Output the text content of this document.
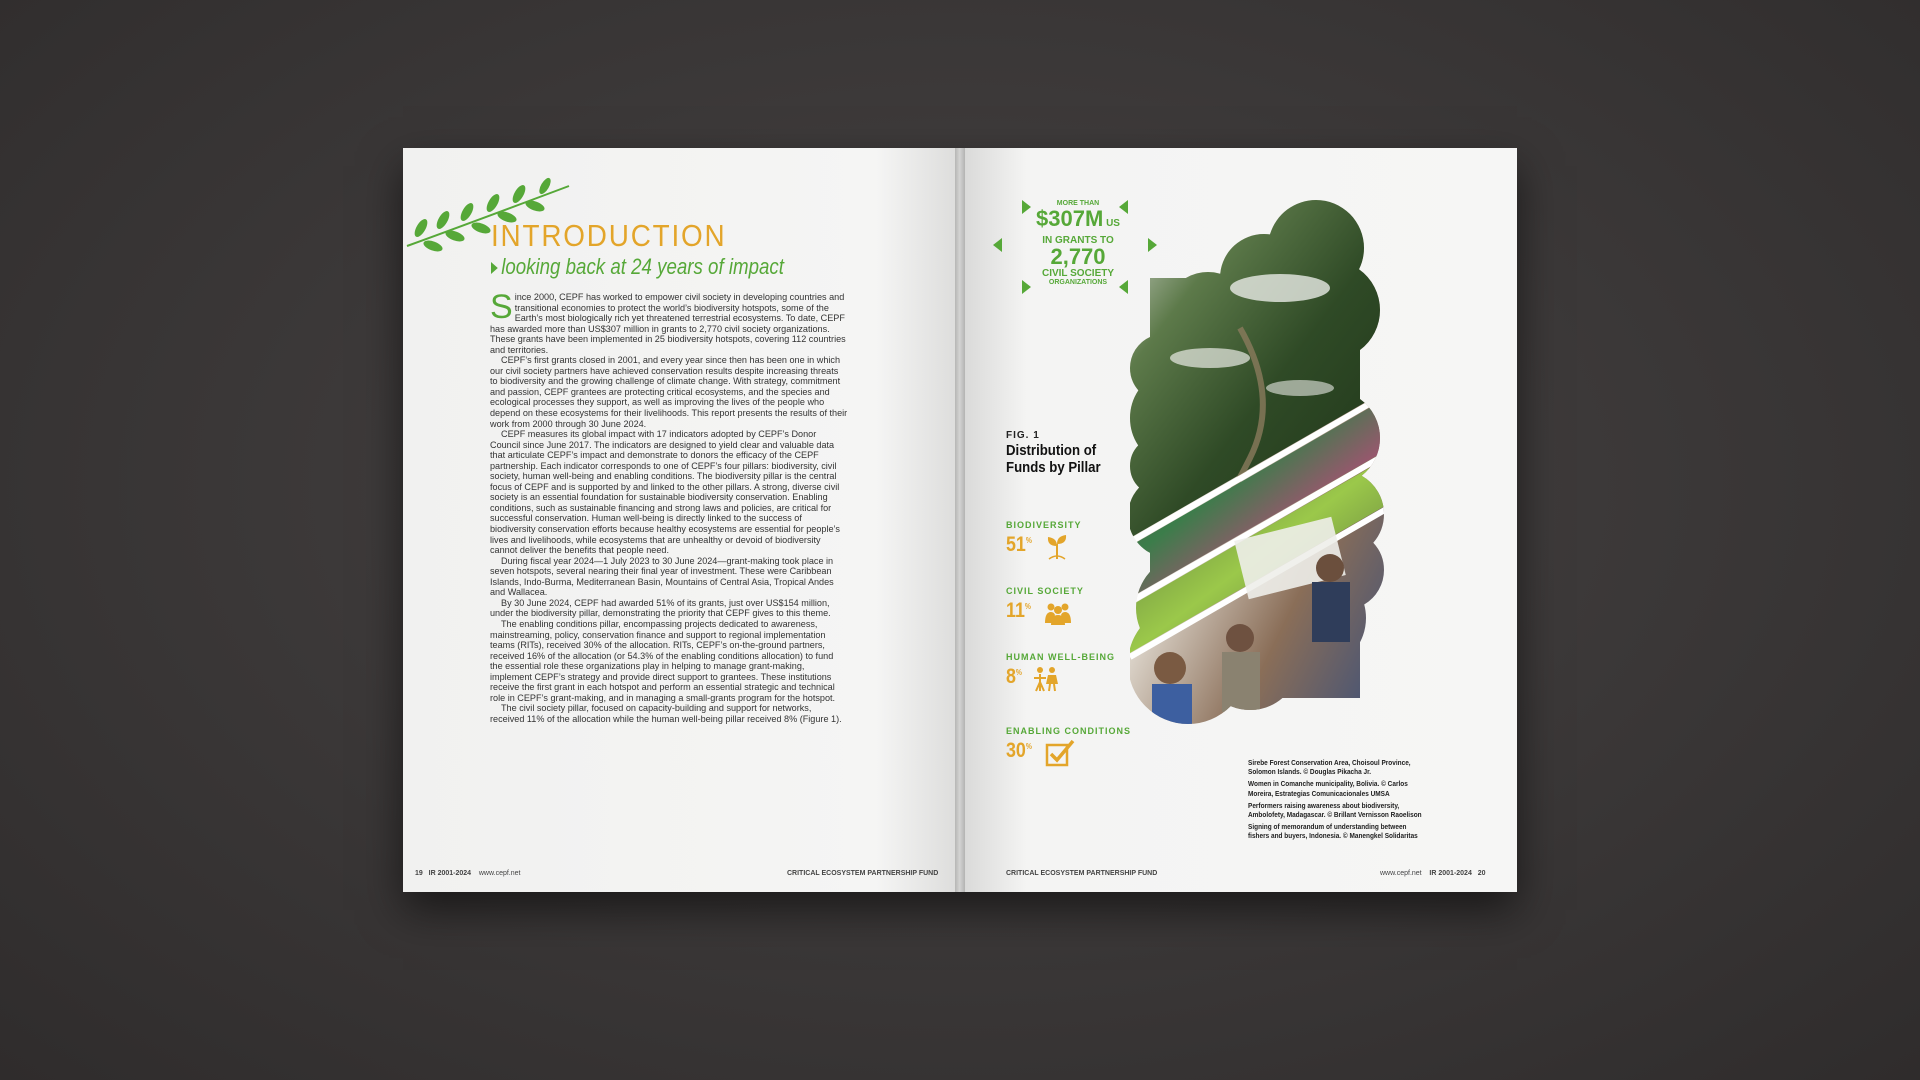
INTRODUCTION
looking back at 24 years of impact

Since 2000, CEPF has worked to empower civil society in developing countries and transitional economies to protect the world’s biodiversity hotspots, some of the Earth’s most biologically rich yet threatened terrestrial ecosystems. To date, CEPF has awarded more than US$307 million in grants to 2,770 civil society organizations. These grants have been implemented in 25 biodiversity hotspots, covering 112 countries and territories.

CEPF’s first grants closed in 2001, and every year since then has been one in which our civil society partners have achieved conservation results despite increasing threats to biodiversity and the growing challenge of climate change. With strategy, commitment and passion, CEPF grantees are protecting critical ecosystems, and the species and ecological processes they support, as well as improving the lives of the people who depend on these ecosystems for their livelihoods. This report presents the results of their work from 2000 through 30 June 2024.

CEPF measures its global impact with 17 indicators adopted by CEPF’s Donor Council since June 2017. The indicators are designed to yield clear and valuable data that articulate CEPF’s impact and demonstrate to donors the efficacy of the CEPF partnership. Each indicator corresponds to one of CEPF’s four pillars: biodiversity, civil society, human well-being and enabling conditions. The biodiversity pillar is the central focus of CEPF and is supported by and linked to the other pillars. A strong, diverse civil society is an essential foundation for sustainable biodiversity conservation. Enabling conditions, such as sustainable financing and strong laws and policies, are critical for successful conservation. Human well-being is directly linked to the success of biodiversity conservation efforts because healthy ecosystems are essential for people’s lives and livelihoods, while ecosystems that are unhealthy or devoid of biodiversity cannot deliver the benefits that people need.

During fiscal year 2024—1 July 2023 to 30 June 2024—grant-making took place in seven hotspots, several nearing their final year of investment. These were Caribbean Islands, Indo-Burma, Mediterranean Basin, Mountains of Central Asia, Tropical Andes and Wallacea.

By 30 June 2024, CEPF had awarded 51% of its grants, just over US$154 million, under the biodiversity pillar, demonstrating the priority that CEPF gives to this theme.

The enabling conditions pillar, encompassing projects dedicated to awareness, mainstreaming, policy, conservation finance and support to regional implementation teams (RITs), received 30% of the allocation. RITs, CEPF’s on-the-ground partners, received 16% of the allocation (or 54.3% of the enabling conditions allocation) to fund the essential role these organizations play in helping to manage grant-making, implement CEPF’s strategy and provide direct support to grantees. These institutions receive the first grant in each hotspot and perform an essential strategic and technical role in CEPF’s grant-making, and in managing a small-grants program for the hotspot.

The civil society pillar, focused on capacity-building and support for networks, received 11% of the allocation while the human well-being pillar received 8% (Figure 1).

19 IR 2001-2024 www.cepf.net	CRITICAL ECOSYSTEM PARTNERSHIP FUND
MORE THAN
$307M US
IN GRANTS TO
2,770
CIVIL SOCIETY
ORGANIZATIONS
FIG. 1
Distribution of
Funds by Pillar
BIODIVERSITY
51%
CIVIL SOCIETY
11%
HUMAN WELL-BEING
8%
ENABLING CONDITIONS
30%

Sirebe Forest Conservation Area, Choisoul Province, Solomon Islands. © Douglas Pikacha Jr.

Women in Comanche municipality, Bolivia. © Carlos Moreira, Estrategias Comunicacionales UMSA

Performers raising awareness about biodiversity, Ambolofety, Madagascar. © Brillant Vernisson Raoelison

Signing of memorandum of understanding between fishers and buyers, Indonesia. © Manengkel Solidaritas

CRITICAL ECOSYSTEM PARTNERSHIP FUND	www.cepf.net IR 2001-2024 20
